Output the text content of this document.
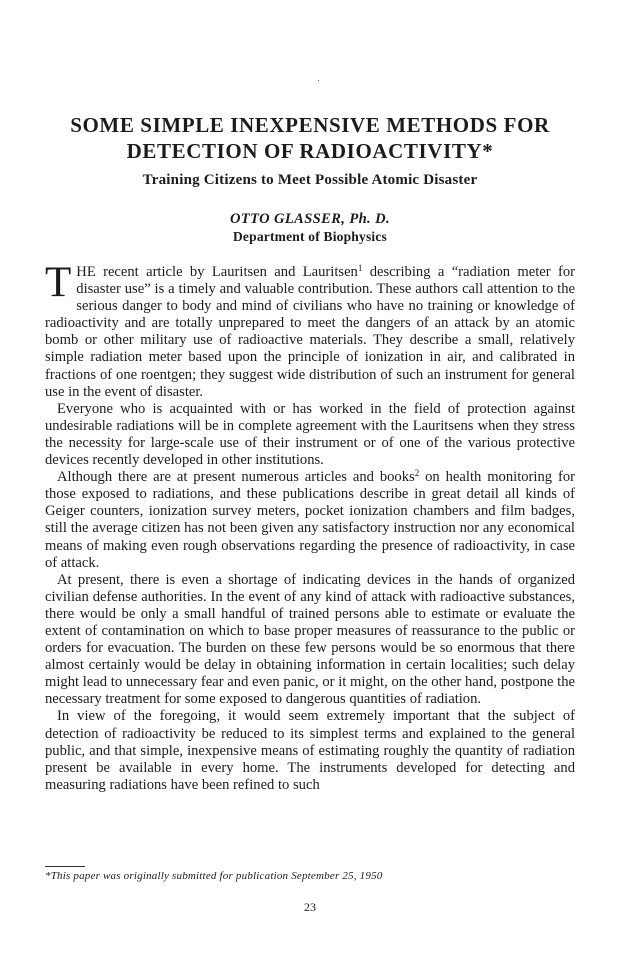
SOME SIMPLE INEXPENSIVE METHODS FOR
DETECTION OF RADIOACTIVITY*
Training Citizens to Meet Possible Atomic Disaster
OTTO GLASSER, Ph. D.
Department of Biophysics

THE recent article by Lauritsen and Lauritsen$^1$ describing a “radiation meter for disaster use” is a timely and valuable contribution. These authors call attention to the serious danger to body and mind of civilians who have no training or knowledge of radioactivity and are totally unprepared to meet the dangers of an attack by an atomic bomb or other military use of radioactive materials. They describe a small, relatively simple radiation meter based upon the principle of ionization in air, and calibrated in fractions of one roentgen; they suggest wide distribution of such an instrument for general use in the event of disaster.

Everyone who is acquainted with or has worked in the field of protection against undesirable radiations will be in complete agreement with the Lauritsens when they stress the necessity for large-scale use of their instrument or of one of the various protective devices recently developed in other institutions.

Although there are at present numerous articles and books$^2$ on health monitoring for those exposed to radiations, and these publications describe in great detail all kinds of Geiger counters, ionization survey meters, pocket ionization chambers and film badges, still the average citizen has not been given any satisfactory instruction nor any economical means of making even rough observations regarding the presence of radioactivity, in case of attack.

At present, there is even a shortage of indicating devices in the hands of organized civilian defense authorities. In the event of any kind of attack with radioactive substances, there would be only a small handful of trained persons able to estimate or evaluate the extent of contamination on which to base proper measures of reassurance to the public or orders for evacuation. The burden on these few persons would be so enormous that there almost certainly would be delay in obtaining information in certain localities; such delay might lead to unnecessary fear and even panic, or it might, on the other hand, postpone the necessary treatment for some exposed to dangerous quantities of radiation.

In view of the foregoing, it would seem extremely important that the subject of detection of radioactivity be reduced to its simplest terms and explained to the general public, and that simple, inexpensive means of estimating roughly the quantity of radiation present be available in every home. The instruments developed for detecting and measuring radiations have been refined to such

*This paper was originally submitted for publication September 25, 1950
23
